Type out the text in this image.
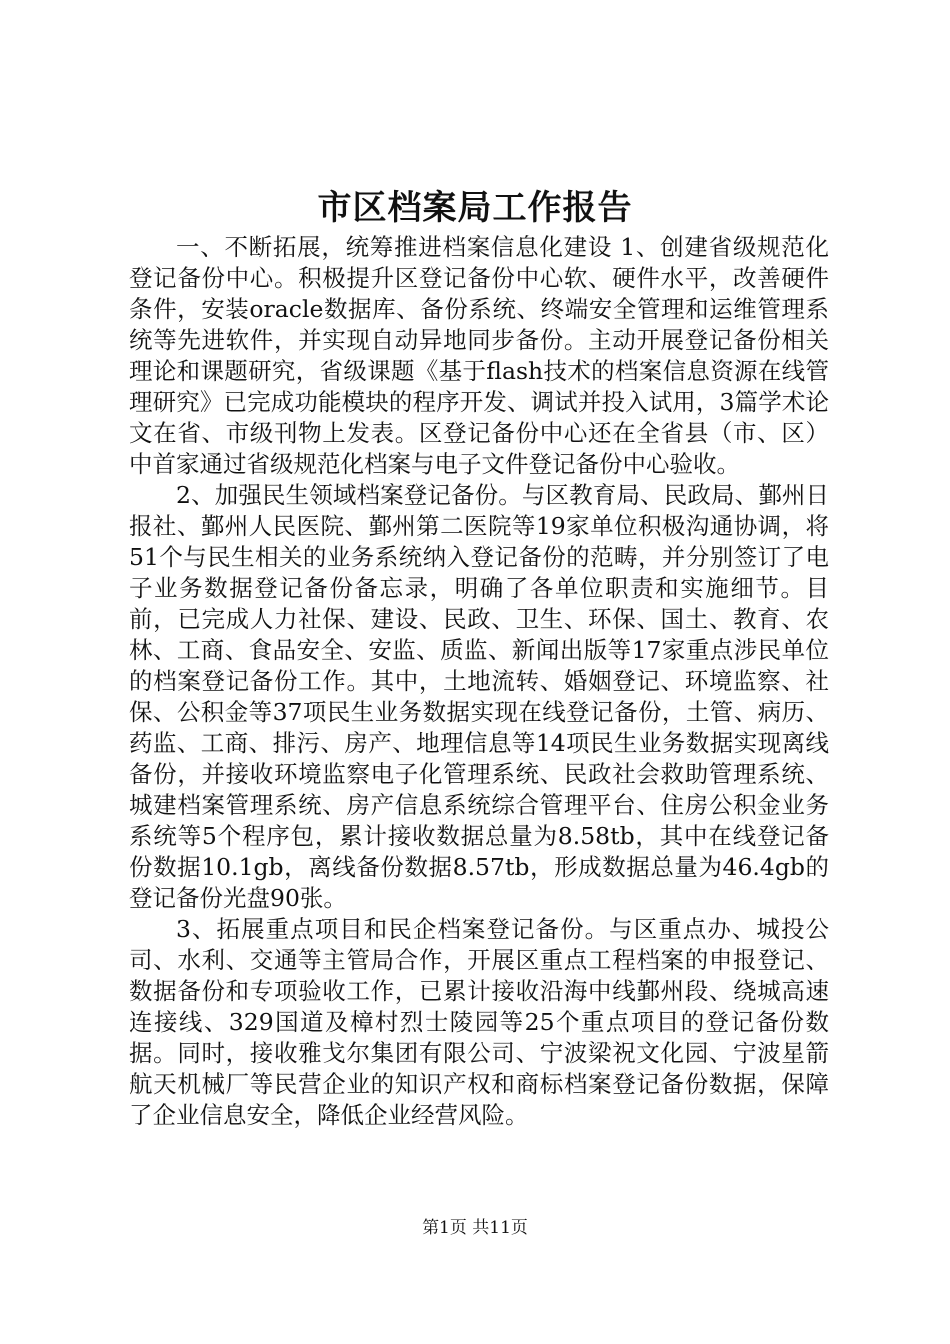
市区档案局工作报告

一、不断拓展，统筹推进档案信息化建设 1、创建省级规范化登记备份中心。积极提升区登记备份中心软、硬件水平，改善硬件条件，安装oracle数据库、备份系统、终端安全管理和运维管理系统等先进软件，并实现自动异地同步备份。主动开展登记备份相关理论和课题研究，省级课题《基于flash技术的档案信息资源在线管理研究》已完成功能模块的程序开发、调试并投入试用，3篇学术论文在省、市级刊物上发表。区登记备份中心还在全省县（市、区）中首家通过省级规范化档案与电子文件登记备份中心验收。

2、加强民生领域档案登记备份。与区教育局、民政局、鄞州日报社、鄞州人民医院、鄞州第二医院等19家单位积极沟通协调，将51个与民生相关的业务系统纳入登记备份的范畴，并分别签订了电子业务数据登记备份备忘录，明确了各单位职责和实施细节。目前，已完成人力社保、建设、民政、卫生、环保、国土、教育、农林、工商、食品安全、安监、质监、新闻出版等17家重点涉民单位的档案登记备份工作。其中，土地流转、婚姻登记、环境监察、社保、公积金等37项民生业务数据实现在线登记备份，土管、病历、药监、工商、排污、房产、地理信息等14项民生业务数据实现离线备份，并接收环境监察电子化管理系统、民政社会救助管理系统、城建档案管理系统、房产信息系统综合管理平台、住房公积金业务系统等5个程序包，累计接收数据总量为8.58tb，其中在线登记备份数据10.1gb，离线备份数据8.57tb，形成数据总量为46.4gb的登记备份光盘90张。

3、拓展重点项目和民企档案登记备份。与区重点办、城投公司、水利、交通等主管局合作，开展区重点工程档案的申报登记、数据备份和专项验收工作，已累计接收沿海中线鄞州段、绕城高速连接线、329国道及樟村烈士陵园等25个重点项目的登记备份数据。同时，接收雅戈尔集团有限公司、宁波梁祝文化园、宁波星箭航天机械厂等民营企业的知识产权和商标档案登记备份数据，保障了企业信息安全，降低企业经营风险。

第1页 共11页
